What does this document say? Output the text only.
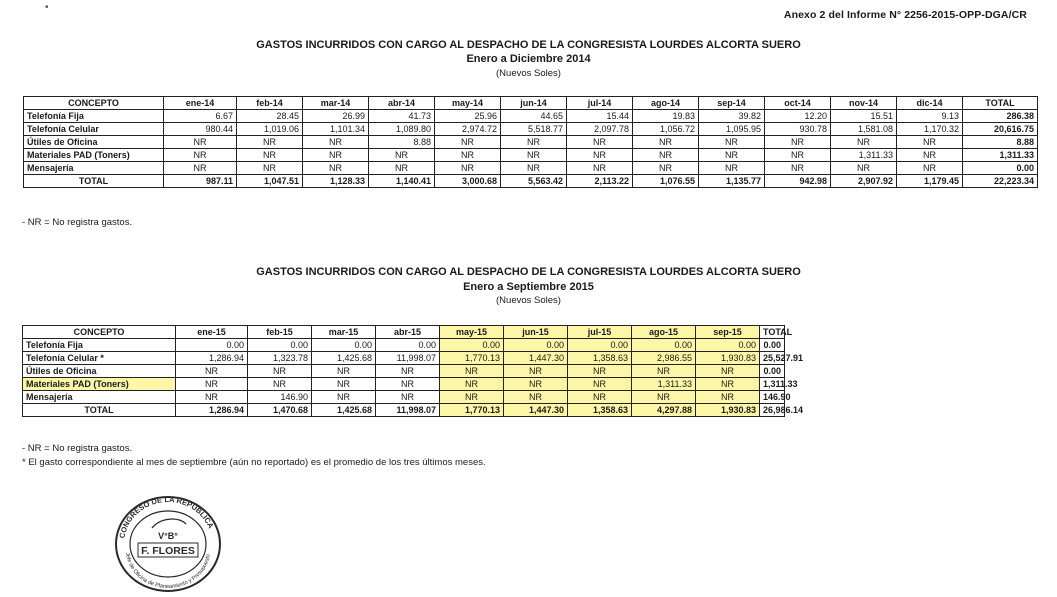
•
Anexo 2 del Informe N° 2256-2015-OPP-DGA/CR
GASTOS INCURRIDOS CON CARGO AL DESPACHO DE LA CONGRESISTA LOURDES ALCORTA SUERO
Enero a Diciembre 2014
(Nuevos Soles)
CONCEPTO	ene-14	feb-14	mar-14	abr-14	may-14	jun-14	jul-14	ago-14	sep-14	oct-14	nov-14	dic-14	TOTAL
Telefonía Fija	6.67	28.45	26.99	41.73	25.96	44.65	15.44	19.83	39.82	12.20	15.51	9.13	286.38
Telefonía Celular	980.44	1,019.06	1,101.34	1,089.80	2,974.72	5,518.77	2,097.78	1,056.72	1,095.95	930.78	1,581.08	1,170.32	20,616.75
Útiles de Oficina	NR	NR	NR	8.88	NR	NR	NR	NR	NR	NR	NR	NR	8.88
Materiales PAD (Toners)	NR	NR	NR	NR	NR	NR	NR	NR	NR	NR	1,311.33	NR	1,311.33
Mensajería	NR	NR	NR	NR	NR	NR	NR	NR	NR	NR	NR	NR	0.00
TOTAL	987.11	1,047.51	1,128.33	1,140.41	3,000.68	5,563.42	2,113.22	1,076.55	1,135.77	942.98	2,907.92	1,179.45	22,223.34
- NR = No registra gastos.
GASTOS INCURRIDOS CON CARGO AL DESPACHO DE LA CONGRESISTA LOURDES ALCORTA SUERO
Enero a Septiembre 2015
(Nuevos Soles)
CONCEPTO	ene-15	feb-15	mar-15	abr-15	may-15	jun-15	jul-15	ago-15	sep-15	TOTAL
Telefonía Fija	0.00	0.00	0.00	0.00	0.00	0.00	0.00	0.00	0.00	0.00
Telefonía Celular *	1,286.94	1,323.78	1,425.68	11,998.07	1,770.13	1,447.30	1,358.63	2,986.55	1,930.83	25,527.91
Útiles de Oficina	NR	NR	NR	NR	NR	NR	NR	NR	NR	0.00
Materiales PAD (Toners)	NR	NR	NR	NR	NR	NR	NR	1,311.33	NR	1,311.33
Mensajería	NR	146.90	NR	NR	NR	NR	NR	NR	NR	146.90
TOTAL	1,286.94	1,470.68	1,425.68	11,998.07	1,770.13	1,447.30	1,358.63	4,297.88	1,930.83	26,986.14
- NR = No registra gastos.
* El gasto correspondiente al mes de septiembre (aún no reportado) es el promedio de los tres últimos meses.
CONGRESO DE LA REPÚBLICA
Jefe de Oficina de Planeamiento y Presupuesto
V°B°
F. FLORES
